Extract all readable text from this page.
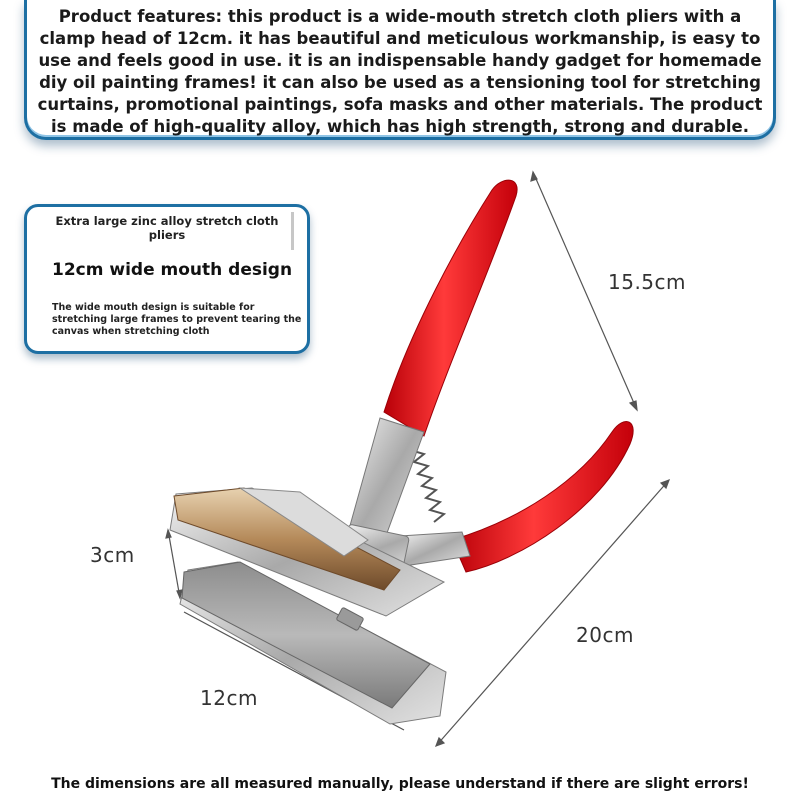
Product features: this product is a wide-mouth stretch cloth pliers with a clamp head of 12cm. it has beautiful and meticulous workmanship, is easy to use and feels good in use. it is an indispensable handy gadget for homemade diy oil painting frames! it can also be used as a tensioning tool for stretching curtains, promotional paintings, sofa masks and other materials. The product is made of high-quality alloy, which has high strength, strong and durable.
Extra large zinc alloy stretch cloth pliers
12cm wide mouth design
The wide mouth design is suitable for stretching large frames to prevent tearing the canvas when stretching cloth
15.5cm
20cm
3cm
12cm
The dimensions are all measured manually, please understand if there are slight errors!
